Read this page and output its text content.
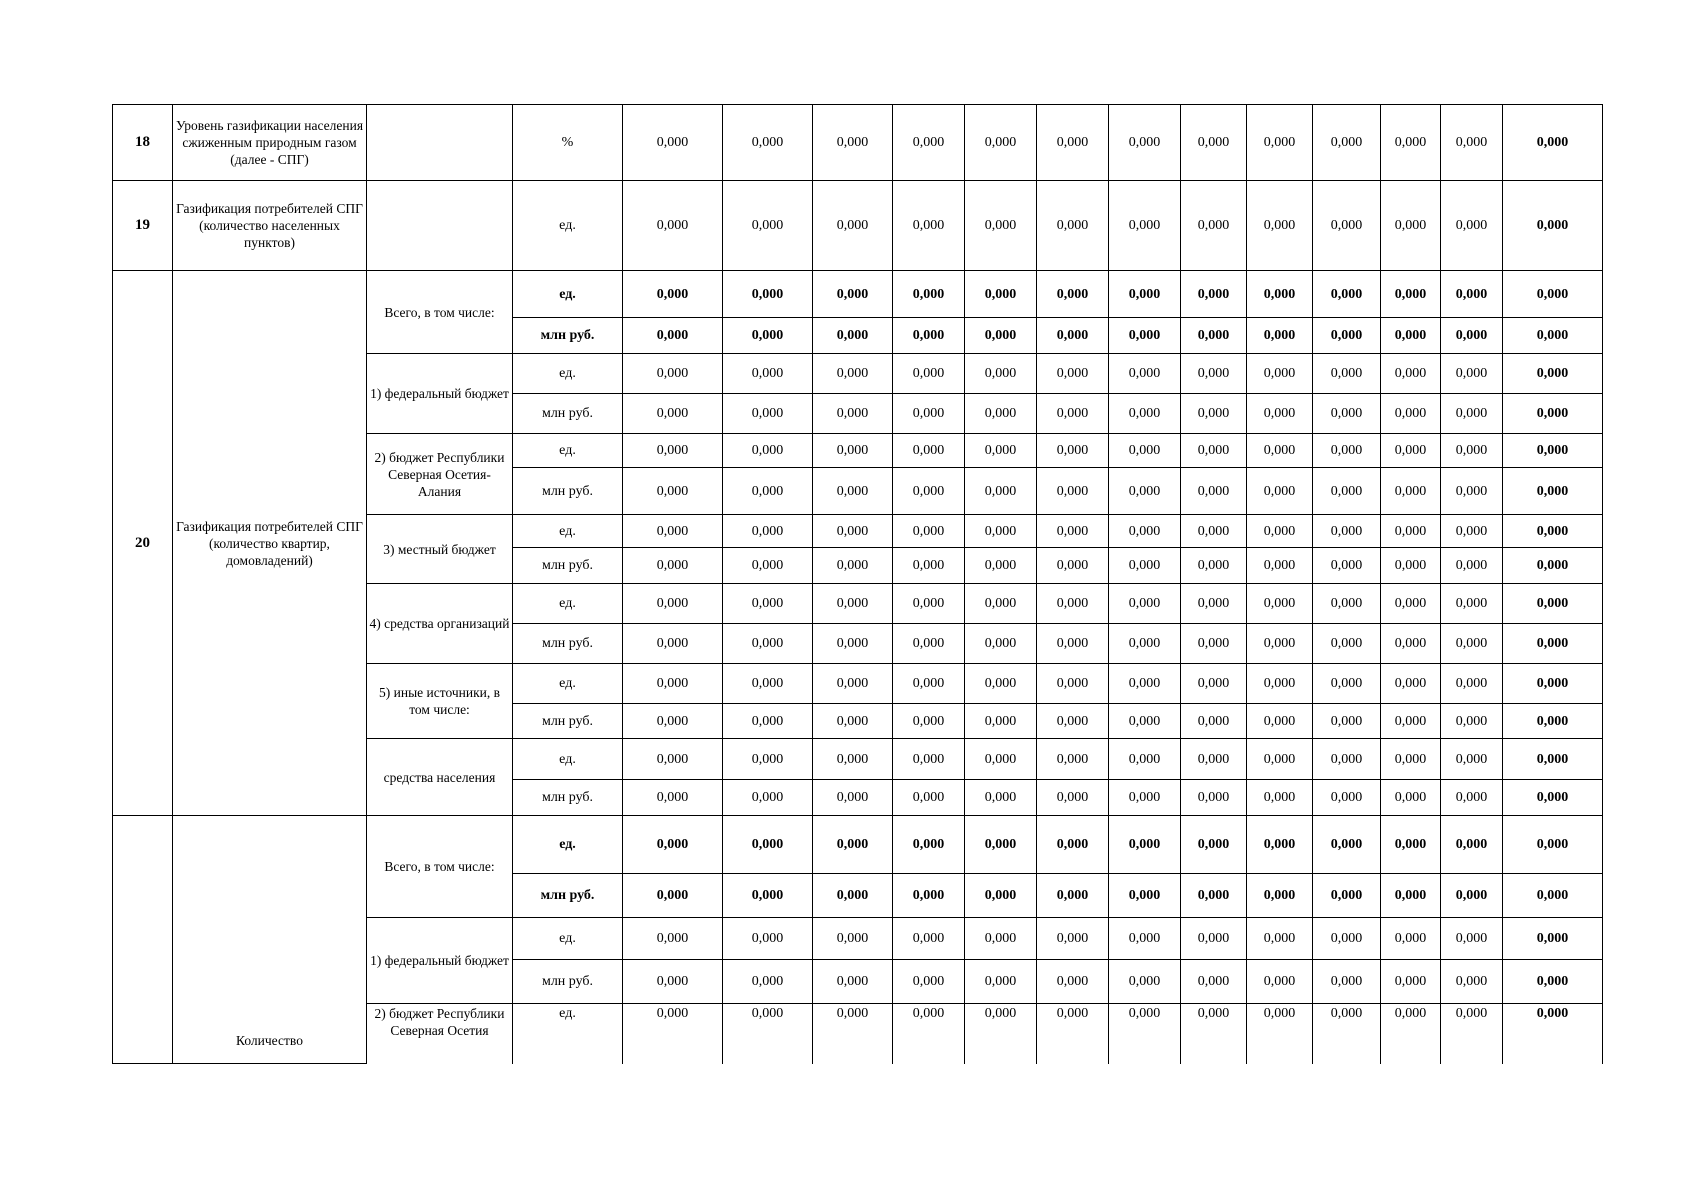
18	Уровень газификации населения сжиженным природным газом (далее - СПГ)		%	0,000	0,000	0,000	0,000	0,000	0,000	0,000	0,000	0,000	0,000	0,000	0,000	0,000
19	Газификация потребителей СПГ (количество населенных пунктов)		ед.	0,000	0,000	0,000	0,000	0,000	0,000	0,000	0,000	0,000	0,000	0,000	0,000	0,000
20	Газификация потребителей СПГ (количество квартир, домовладений)	Всего, в том числе:	ед.	0,000	0,000	0,000	0,000	0,000	0,000	0,000	0,000	0,000	0,000	0,000	0,000	0,000
			млн руб.	0,000	0,000	0,000	0,000	0,000	0,000	0,000	0,000	0,000	0,000	0,000	0,000	0,000
		1) федеральный бюджет	ед.	0,000	0,000	0,000	0,000	0,000	0,000	0,000	0,000	0,000	0,000	0,000	0,000	0,000
			млн руб.	0,000	0,000	0,000	0,000	0,000	0,000	0,000	0,000	0,000	0,000	0,000	0,000	0,000
		2) бюджет Республики Северная Осетия-Алания	ед.	0,000	0,000	0,000	0,000	0,000	0,000	0,000	0,000	0,000	0,000	0,000	0,000	0,000
			млн руб.	0,000	0,000	0,000	0,000	0,000	0,000	0,000	0,000	0,000	0,000	0,000	0,000	0,000
		3) местный бюджет	ед.	0,000	0,000	0,000	0,000	0,000	0,000	0,000	0,000	0,000	0,000	0,000	0,000	0,000
			млн руб.	0,000	0,000	0,000	0,000	0,000	0,000	0,000	0,000	0,000	0,000	0,000	0,000	0,000
		4) средства организаций	ед.	0,000	0,000	0,000	0,000	0,000	0,000	0,000	0,000	0,000	0,000	0,000	0,000	0,000
			млн руб.	0,000	0,000	0,000	0,000	0,000	0,000	0,000	0,000	0,000	0,000	0,000	0,000	0,000
		5) иные источники, в том числе:	ед.	0,000	0,000	0,000	0,000	0,000	0,000	0,000	0,000	0,000	0,000	0,000	0,000	0,000
			млн руб.	0,000	0,000	0,000	0,000	0,000	0,000	0,000	0,000	0,000	0,000	0,000	0,000	0,000
		средства населения	ед.	0,000	0,000	0,000	0,000	0,000	0,000	0,000	0,000	0,000	0,000	0,000	0,000	0,000
			млн руб.	0,000	0,000	0,000	0,000	0,000	0,000	0,000	0,000	0,000	0,000	0,000	0,000	0,000
	Количество	Всего, в том числе:	ед.	0,000	0,000	0,000	0,000	0,000	0,000	0,000	0,000	0,000	0,000	0,000	0,000	0,000
			млн руб.	0,000	0,000	0,000	0,000	0,000	0,000	0,000	0,000	0,000	0,000	0,000	0,000	0,000
		1) федеральный бюджет	ед.	0,000	0,000	0,000	0,000	0,000	0,000	0,000	0,000	0,000	0,000	0,000	0,000	0,000
			млн руб.	0,000	0,000	0,000	0,000	0,000	0,000	0,000	0,000	0,000	0,000	0,000	0,000	0,000
		2) бюджет Республики Северная Осетия	ед.	0,000	0,000	0,000	0,000	0,000	0,000	0,000	0,000	0,000	0,000	0,000	0,000	0,000
